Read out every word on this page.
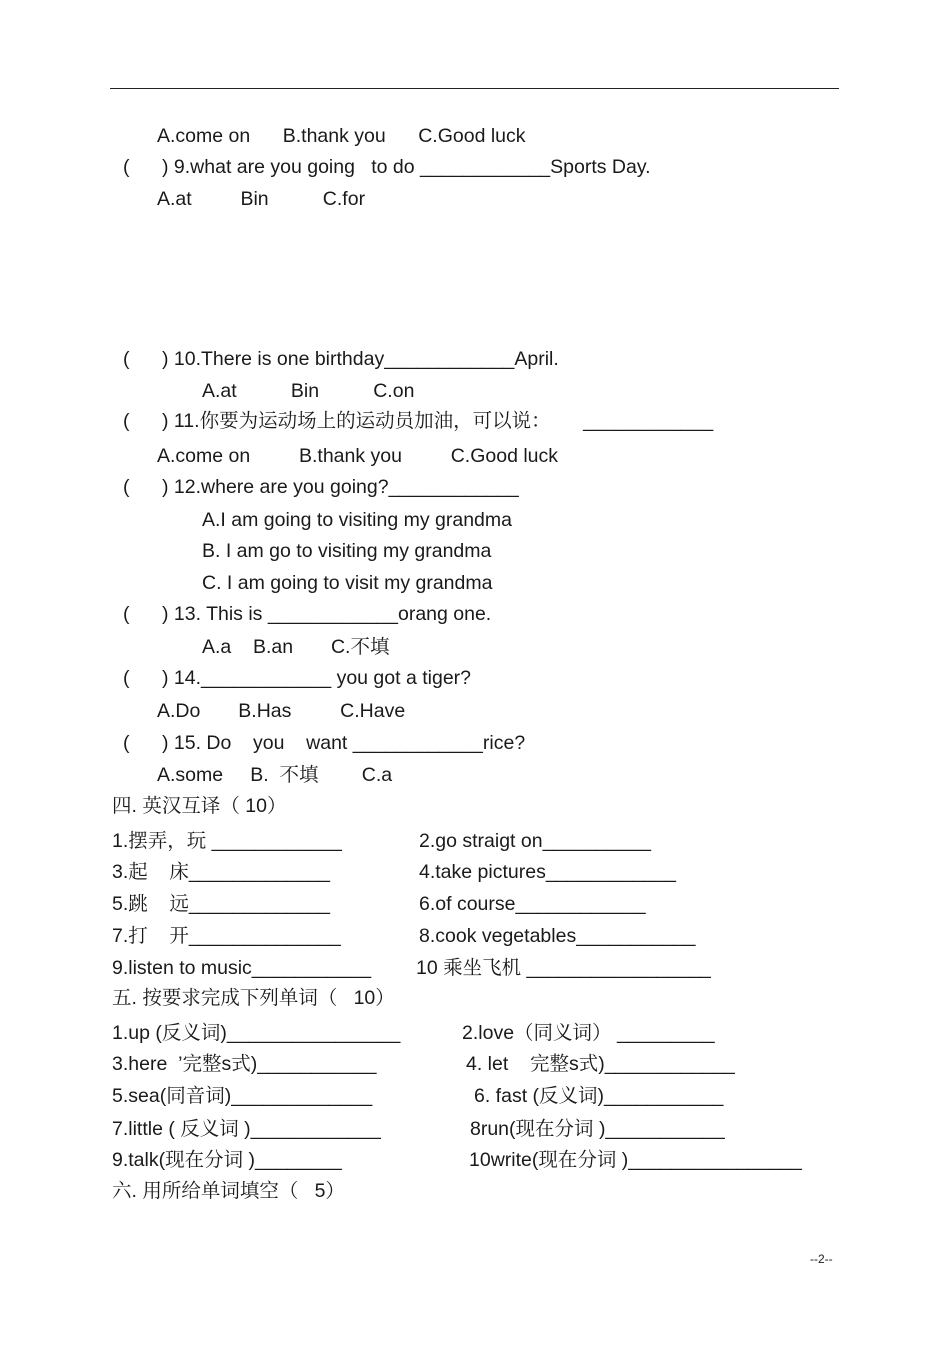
A.come on      B.thank you      C.Good luck
(      ) 9.what are you going   to do ____________Sports Day.
A.at         Bin          C.for
(      ) 10.There is one birthday____________April.
A.at          Bin          C.on
(      ) 11.你要为运动场上的运动员加油，可以说：      ____________
A.come on         B.thank you         C.Good luck
(      ) 12.where are you going?____________
A.I am going to visiting my grandma
B. I am go to visiting my grandma
C. I am going to visit my grandma
(      ) 13. This is ____________orang one.
A.a    B.an       C.不填
(      ) 14.____________ you got a tiger?
A.Do       B.Has         C.Have
(      ) 15. Do    you    want ____________rice?
A.some     B.  不填        C.a
四. 英汉互译（ 10）
1.摆弄，玩 ____________	2.go straigt on__________
3.起    床_____________	4.take pictures____________
5.跳    远_____________	6.of course____________
7.打    开______________	8.cook vegetables___________
9.listen to music___________ 10 乘坐飞机 _________________
五. 按要求完成下列单词（   10）
1.up (反义词)________________	2.love（同义词） _________
3.here  ’完整s式)___________	4. let    完整s式)____________
5.sea(同音词)_____________	6. fast (反义词)___________
7.little ( 反义词 )____________	8run(现在分词 )___________
9.talk(现在分词 )________	10write(现在分词 )________________
六. 用所给单词填空（   5）
--2--
